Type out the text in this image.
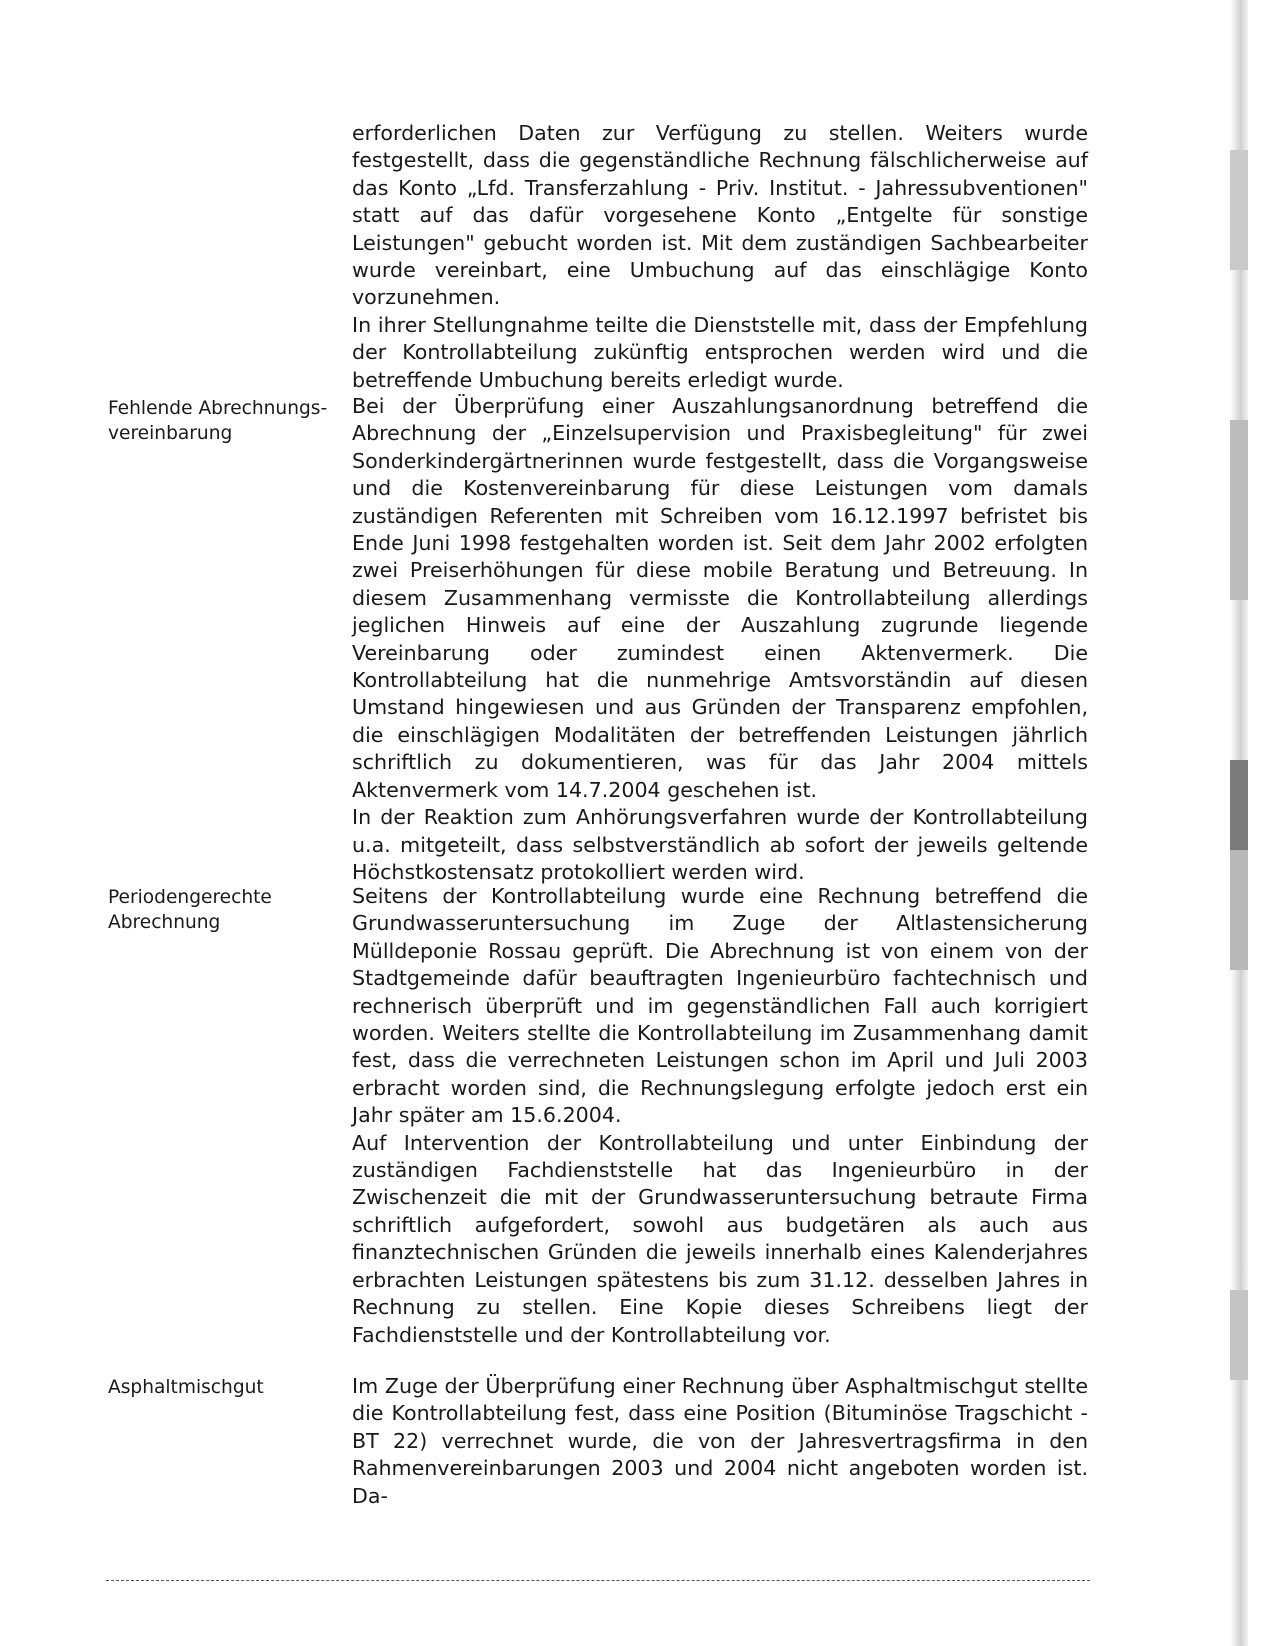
erforderlichen Daten zur Verfügung zu stellen. Weiters wurde festgestellt, dass die gegenständliche Rechnung fälschlicherweise auf das Konto „Lfd. Transferzahlung - Priv. Institut. - Jahressubventionen" statt auf das dafür vorgesehene Konto „Entgelte für sonstige Leistungen" gebucht worden ist. Mit dem zuständigen Sachbearbeiter wurde vereinbart, eine Umbuchung auf das einschlägige Konto vorzunehmen.

In ihrer Stellungnahme teilte die Dienststelle mit, dass der Empfehlung der Kontrollabteilung zukünftig entsprochen werden wird und die betreffende Umbuchung bereits erledigt wurde.

Fehlende Abrechnungs-
vereinbarung

Bei der Überprüfung einer Auszahlungsanordnung betreffend die Abrechnung der „Einzelsupervision und Praxisbegleitung" für zwei Sonderkindergärtnerinnen wurde festgestellt, dass die Vorgangsweise und die Kostenvereinbarung für diese Leistungen vom damals zuständigen Referenten mit Schreiben vom 16.12.1997 befristet bis Ende Juni 1998 festgehalten worden ist. Seit dem Jahr 2002 erfolgten zwei Preiserhöhungen für diese mobile Beratung und Betreuung. In diesem Zusammenhang vermisste die Kontrollabteilung allerdings jeglichen Hinweis auf eine der Auszahlung zugrunde liegende Vereinbarung oder zumindest einen Aktenvermerk. Die Kontrollabteilung hat die nunmehrige Amtsvorständin auf diesen Umstand hingewiesen und aus Gründen der Transparenz empfohlen, die einschlägigen Modalitäten der betreffenden Leistungen jährlich schriftlich zu dokumentieren, was für das Jahr 2004 mittels Aktenvermerk vom 14.7.2004 geschehen ist.

In der Reaktion zum Anhörungsverfahren wurde der Kontrollabteilung u.a. mitgeteilt, dass selbstverständlich ab sofort der jeweils geltende Höchstkostensatz protokolliert werden wird.

Periodengerechte
Abrechnung

Seitens der Kontrollabteilung wurde eine Rechnung betreffend die Grundwasseruntersuchung im Zuge der Altlastensicherung Mülldeponie Rossau geprüft. Die Abrechnung ist von einem von der Stadtgemeinde dafür beauftragten Ingenieurbüro fachtechnisch und rechnerisch überprüft und im gegenständlichen Fall auch korrigiert worden. Weiters stellte die Kontrollabteilung im Zusammenhang damit fest, dass die verrechneten Leistungen schon im April und Juli 2003 erbracht worden sind, die Rechnungslegung erfolgte jedoch erst ein Jahr später am 15.6.2004.

Auf Intervention der Kontrollabteilung und unter Einbindung der zuständigen Fachdienststelle hat das Ingenieurbüro in der Zwischenzeit die mit der Grundwasseruntersuchung betraute Firma schriftlich aufgefordert, sowohl aus budgetären als auch aus finanztechnischen Gründen die jeweils innerhalb eines Kalenderjahres erbrachten Leistungen spätestens bis zum 31.12. desselben Jahres in Rechnung zu stellen. Eine Kopie dieses Schreibens liegt der Fachdienststelle und der Kontrollabteilung vor.

Asphaltmischgut	Im Zuge der Überprüfung einer Rechnung über Asphaltmischgut stellte die Kontrollabteilung fest, dass eine Position (Bituminöse Tragschicht - BT 22) verrechnet wurde, die von der Jahresvertragsfirma in den Rahmenvereinbarungen 2003 und 2004 nicht angeboten worden ist. Da-
